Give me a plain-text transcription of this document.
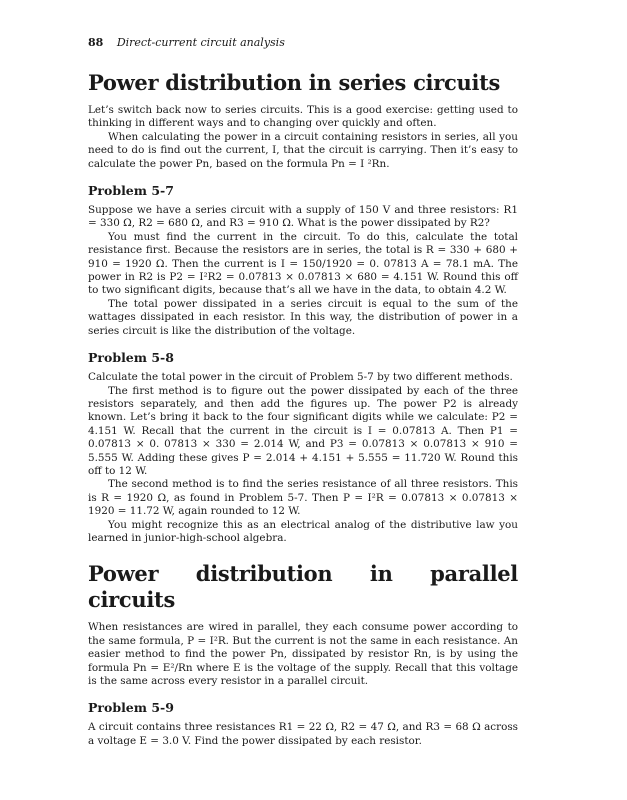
88 Direct-current circuit analysis
Power distribution in series circuits

Let’s switch back now to series circuits. This is a good exercise: getting used to thinking in different ways and to changing over quickly and often.

When calculating the power in a circuit containing resistors in series, all you need to do is find out the current, I, that the circuit is carrying. Then it’s easy to calculate the power Pn, based on the formula Pn = I ²Rn.

Problem 5-7

Suppose we have a series circuit with a supply of 150 V and three resistors: R1 = 330 Ω, R2 = 680 Ω, and R3 = 910 Ω. What is the power dissipated by R2?

You must find the current in the circuit. To do this, calculate the total resistance first. Because the resistors are in series, the total is R = 330 + 680 + 910 = 1920 Ω. Then the current is I = 150/1920 = 0. 07813 A = 78.1 mA. The power in R2 is P2 = I²R2 = 0.07813 × 0.07813 × 680 = 4.151 W. Round this off to two significant digits, because that’s all we have in the data, to obtain 4.2 W.

The total power dissipated in a series circuit is equal to the sum of the wattages dissipated in each resistor. In this way, the distribution of power in a series circuit is like the distribution of the voltage.

Problem 5-8

Calculate the total power in the circuit of Problem 5-7 by two different methods.

The first method is to figure out the power dissipated by each of the three resistors separately, and then add the figures up. The power P2 is already known. Let’s bring it back to the four significant digits while we calculate: P2 = 4.151 W. Recall that the current in the circuit is I = 0.07813 A. Then P1 = 0.07813 × 0. 07813 × 330 = 2.014 W, and P3 = 0.07813 × 0.07813 × 910 = 5.555 W. Adding these gives P = 2.014 + 4.151 + 5.555 = 11.720 W. Round this off to 12 W.

The second method is to find the series resistance of all three resistors. This is R = 1920 Ω, as found in Problem 5-7. Then P = I²R = 0.07813 × 0.07813 × 1920 = 11.72 W, again rounded to 12 W.

You might recognize this as an electrical analog of the distributive law you learned in junior-high-school algebra.

Power distribution in parallel circuits

When resistances are wired in parallel, they each consume power according to the same formula, P = I²R. But the current is not the same in each resistance. An easier method to find the power Pn, dissipated by resistor Rn, is by using the formula Pn = E²/Rn where E is the voltage of the supply. Recall that this voltage is the same across every resistor in a parallel circuit.

Problem 5-9

A circuit contains three resistances R1 = 22 Ω, R2 = 47 Ω, and R3 = 68 Ω across a voltage E = 3.0 V. Find the power dissipated by each resistor.
